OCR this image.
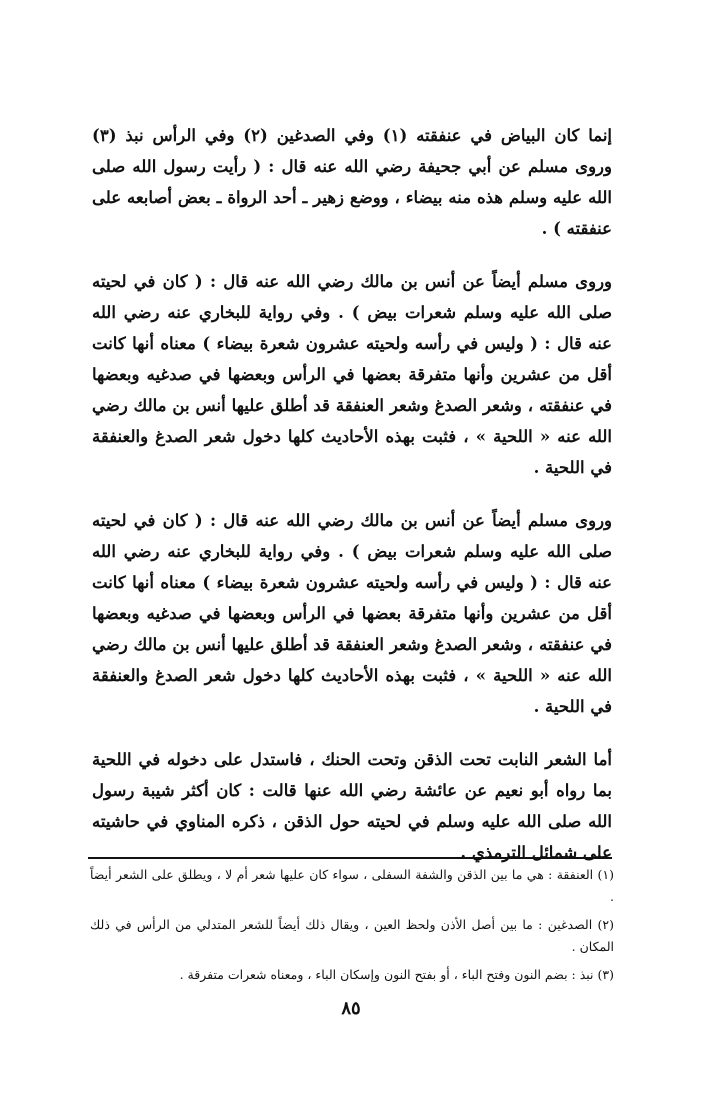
إنما كان البياض في عنفقته (١) وفي الصدغين (٢) وفي الرأس نبذ (٣) وروى مسلم عن أبي جحيفة رضي الله عنه قال : ( رأيت رسول الله صلى الله عليه وسلم هذه منه بيضاء ، ووضع زهير ـ أحد الرواة ـ بعض أصابعه على عنفقته ) .

وروى مسلم أيضاً عن أنس بن مالك رضي الله عنه قال : ( كان في لحيته صلى الله عليه وسلم شعرات بيض ) . وفي رواية للبخاري عنه رضي الله عنه قال : ( وليس في رأسه ولحيته عشرون شعرة بيضاء ) معناه أنها كانت أقل من عشرين وأنها متفرقة بعضها في الرأس وبعضها في صدغيه وبعضها في عنفقته ، وشعر الصدغ وشعر العنفقة قد أطلق عليها أنس بن مالك رضي الله عنه « اللحية » ، فثبت بهذه الأحاديث كلها دخول شعر الصدغ والعنفقة في اللحية .

وروى مسلم أيضاً عن أنس بن مالك رضي الله عنه قال : ( كان في لحيته صلى الله عليه وسلم شعرات بيض ) . وفي رواية للبخاري عنه رضي الله عنه قال : ( وليس في رأسه ولحيته عشرون شعرة بيضاء ) معناه أنها كانت أقل من عشرين وأنها متفرقة بعضها في الرأس وبعضها في صدغيه وبعضها في عنفقته ، وشعر الصدغ وشعر العنفقة قد أطلق عليها أنس بن مالك رضي الله عنه « اللحية » ، فثبت بهذه الأحاديث كلها دخول شعر الصدغ والعنفقة في اللحية .

أما الشعر النابت تحت الذقن وتحت الحنك ، فاستدل على دخوله في اللحية بما رواه أبو نعيم عن عائشة رضي الله عنها قالت : كان أكثر شيبة رسول الله صلى الله عليه وسلم في لحيته حول الذقن ، ذكره المناوي في حاشيته على شمائل الترمذي .

(١) العنفقة : هي ما بين الذقن والشفة السفلى ، سواء كان عليها شعر أم لا ، ويطلق على الشعر أيضاً .

(٢) الصدغين : ما بين أصل الأذن ولحظ العين ، ويقال ذلك أيضاً للشعر المتدلي من الرأس في ذلك المكان .

(٣) نبذ : بضم النون وفتح الباء ، أو بفتح النون وإسكان الباء ، ومعناه شعرات متفرقة .

٨٥
